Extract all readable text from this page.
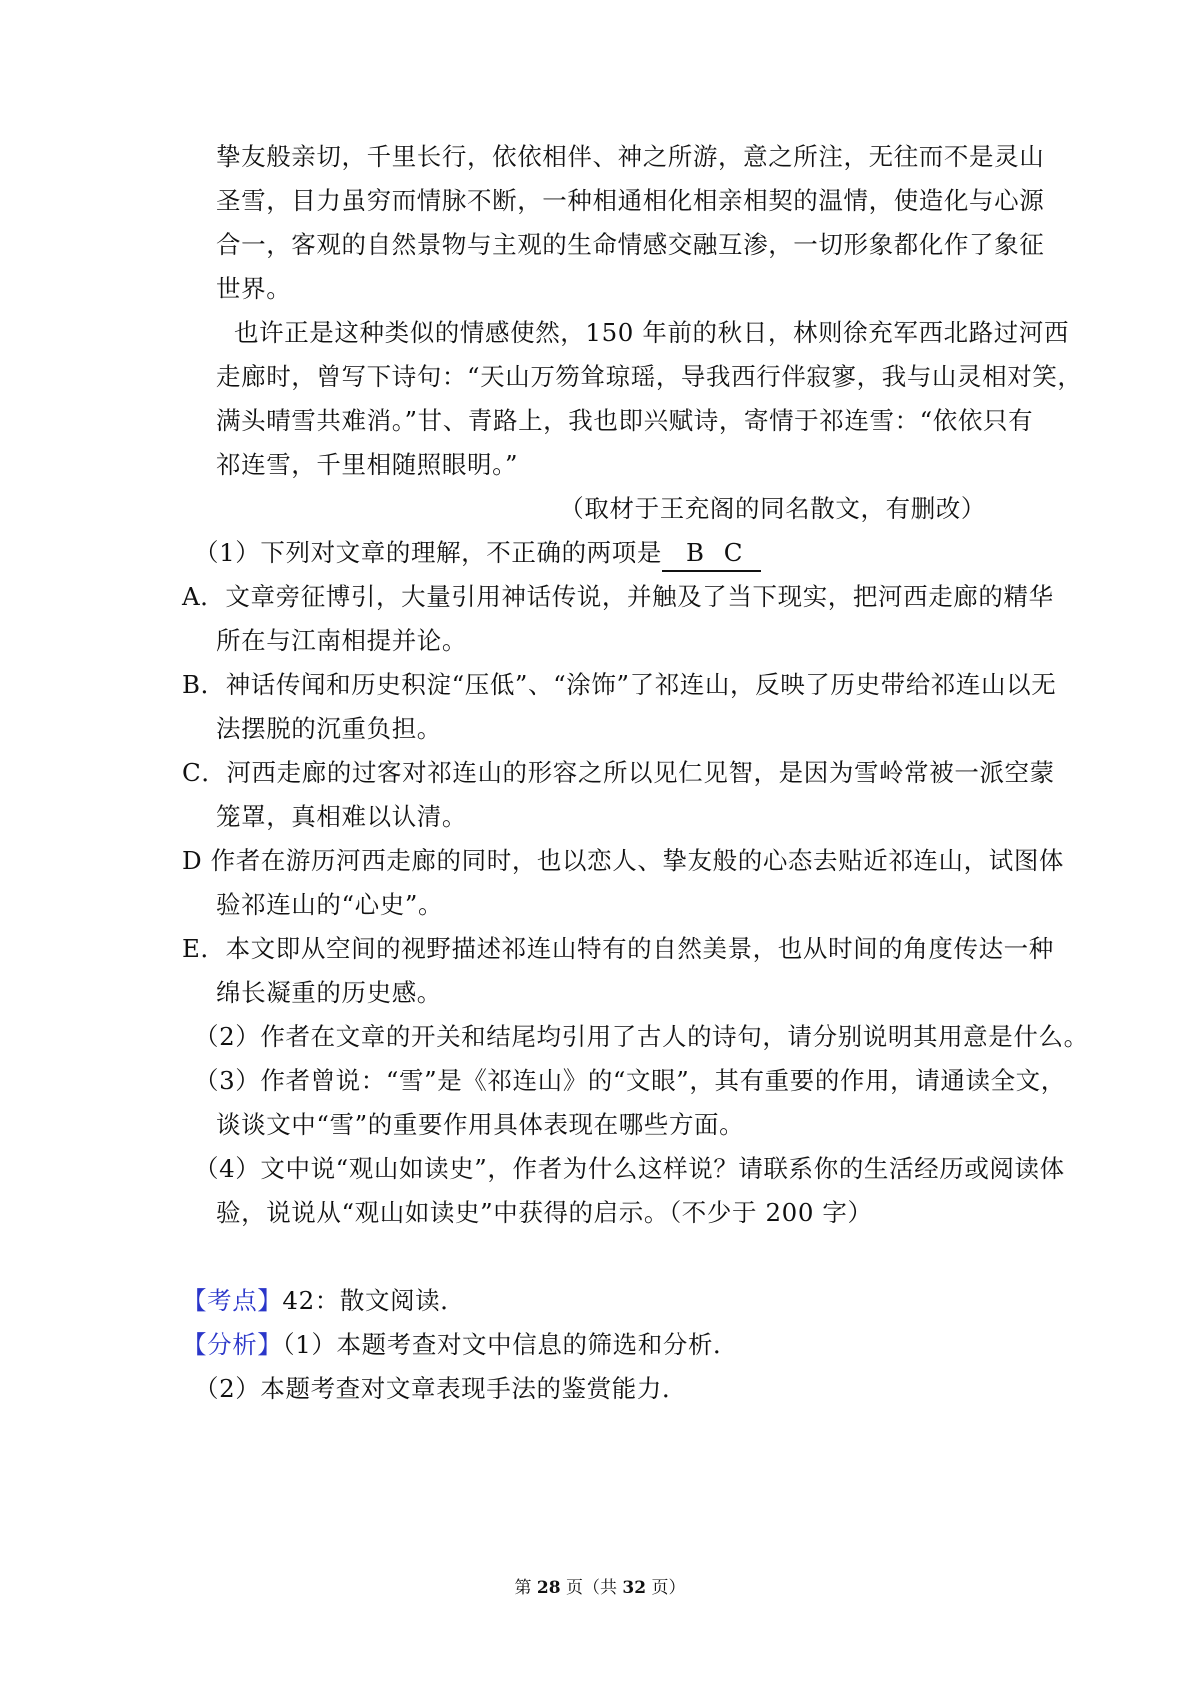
挚友般亲切，千里长行，依依相伴、神之所游，意之所注，无往而不是灵山
圣雪，目力虽穷而情脉不断，一种相通相化相亲相契的温情，使造化与心源
合一，客观的自然景物与主观的生命情感交融互渗，一切形象都化作了象征
世界。
也许正是这种类似的情感使然，150 年前的秋日，林则徐充军西北路过河西
走廊时，曾写下诗句：“天山万笏耸琼瑶，导我西行伴寂寥，我与山灵相对笑，
满头晴雪共难消。”甘、青路上，我也即兴赋诗，寄情于祁连雪：“依依只有
祁连雪，千里相随照眼明。”
（取材于王充阁的同名散文，有删改）
（1）下列对文章的理解，不正确的两项是 B C
A．文章旁征博引，大量引用神话传说，并触及了当下现实，把河西走廊的精华
所在与江南相提并论。
B．神话传闻和历史积淀“压低”、“涂饰”了祁连山，反映了历史带给祁连山以无
法摆脱的沉重负担。
C．河西走廊的过客对祁连山的形容之所以见仁见智，是因为雪岭常被一派空蒙
笼罩，真相难以认清。
D 作者在游历河西走廊的同时，也以恋人、挚友般的心态去贴近祁连山，试图体
验祁连山的“心史”。
E．本文即从空间的视野描述祁连山特有的自然美景，也从时间的角度传达一种
绵长凝重的历史感。
（2）作者在文章的开关和结尾均引用了古人的诗句，请分别说明其用意是什么。
（3）作者曾说：“雪”是《祁连山》的“文眼”，其有重要的作用，请通读全文，
谈谈文中“雪”的重要作用具体表现在哪些方面。
（4）文中说“观山如读史”，作者为什么这样说？请联系你的生活经历或阅读体
验，说说从“观山如读史”中获得的启示。（不少于 200 字）
【考点】42：散文阅读．
【分析】（1）本题考查对文中信息的筛选和分析．
（2）本题考查对文章表现手法的鉴赏能力．
第 28 页（共 32 页）
